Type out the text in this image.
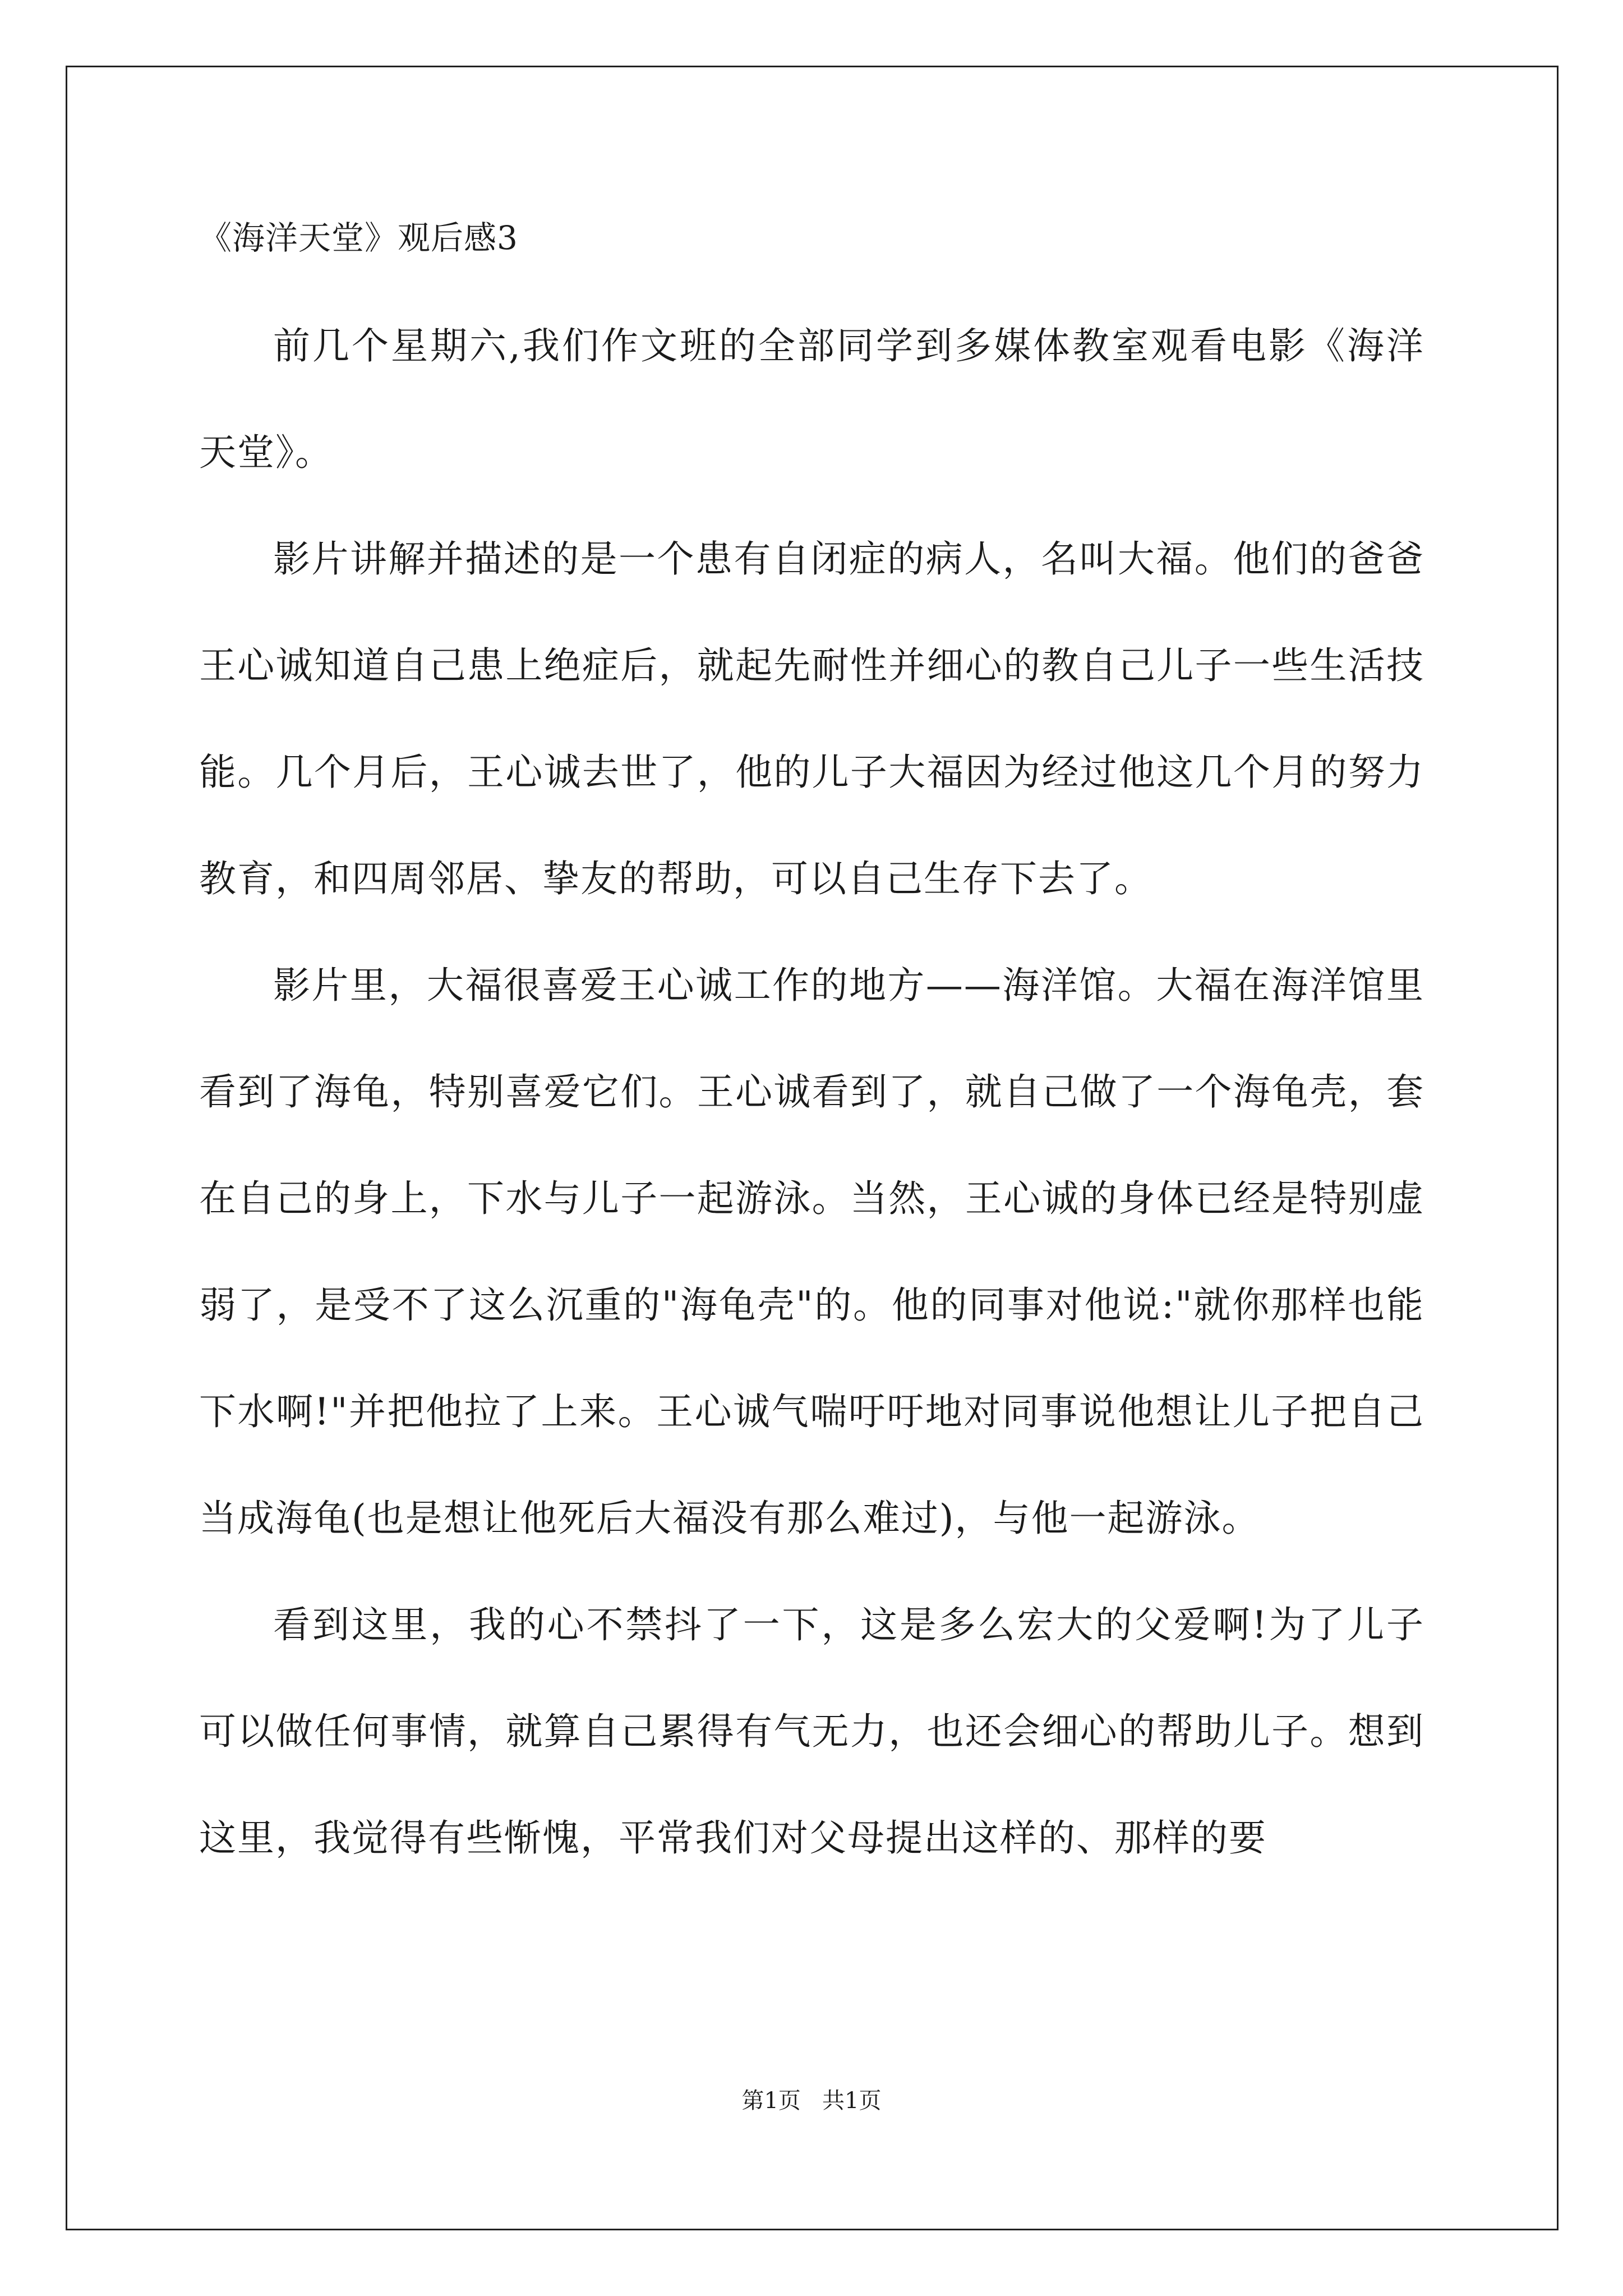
《海洋天堂》观后感3

前几个星期六,我们作文班的全部同学到多媒体教室观看电影《海洋天堂》。

影片讲解并描述的是一个患有自闭症的病人，名叫大福。他们的爸爸王心诚知道自己患上绝症后，就起先耐性并细心的教自己儿子一些生活技能。几个月后，王心诚去世了，他的儿子大福因为经过他这几个月的努力教育，和四周邻居、挚友的帮助，可以自己生存下去了。

影片里，大福很喜爱王心诚工作的地方——海洋馆。大福在海洋馆里看到了海龟，特别喜爱它们。王心诚看到了，就自己做了一个海龟壳，套在自己的身上，下水与儿子一起游泳。当然，王心诚的身体已经是特别虚弱了，是受不了这么沉重的"海龟壳"的。他的同事对他说:"就你那样也能下水啊!"并把他拉了上来。王心诚气喘吁吁地对同事说他想让儿子把自己当成海龟(也是想让他死后大福没有那么难过)，与他一起游泳。

看到这里，我的心不禁抖了一下，这是多么宏大的父爱啊!为了儿子可以做任何事情，就算自己累得有气无力，也还会细心的帮助儿子。想到这里，我觉得有些惭愧，平常我们对父母提出这样的、那样的要

第1页   共1页
